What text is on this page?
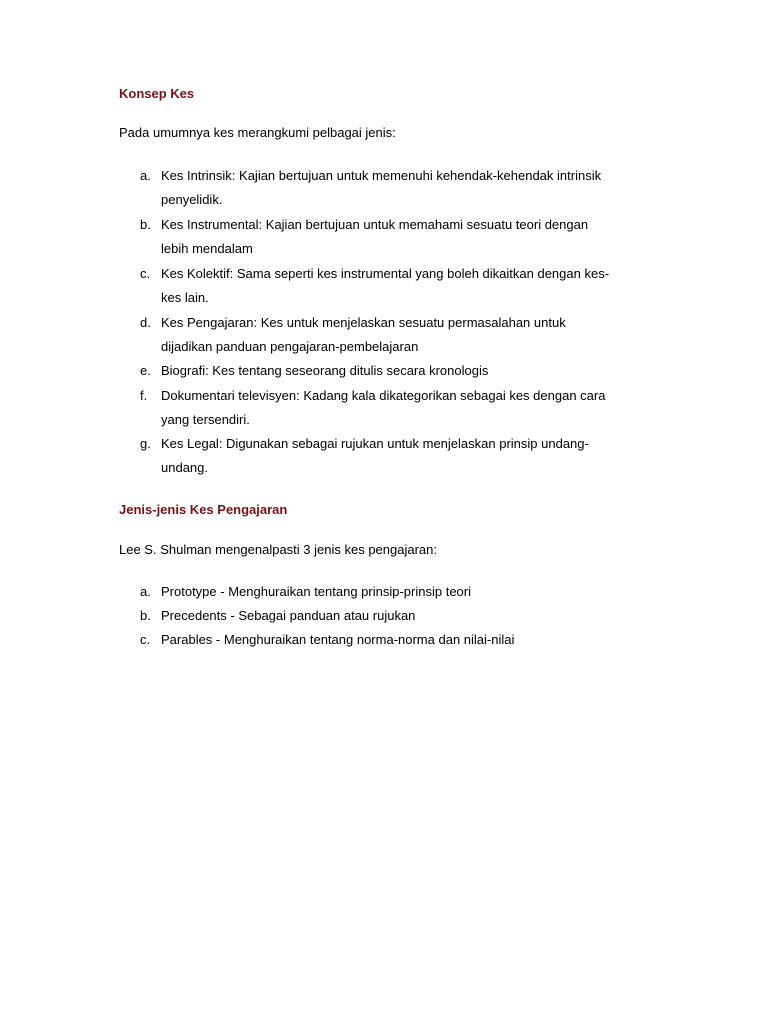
Konsep Kes

Pada umumnya kes merangkumi pelbagai jenis:

a. Kes Intrinsik: Kajian bertujuan untuk memenuhi kehendak-kehendak intrinsik
penyelidik.
b. Kes Instrumental: Kajian bertujuan untuk memahami sesuatu teori dengan
lebih mendalam
c. Kes Kolektif: Sama seperti kes instrumental yang boleh dikaitkan dengan kes-
kes lain.
d. Kes Pengajaran: Kes untuk menjelaskan sesuatu permasalahan untuk
dijadikan panduan pengajaran-pembelajaran
e. Biografi: Kes tentang seseorang ditulis secara kronologis
f. Dokumentari televisyen: Kadang kala dikategorikan sebagai kes dengan cara
yang tersendiri.
g. Kes Legal: Digunakan sebagai rujukan untuk menjelaskan prinsip undang-
undang.
Jenis-jenis Kes Pengajaran

Lee S. Shulman mengenalpasti 3 jenis kes pengajaran:

a. Prototype - Menghuraikan tentang prinsip-prinsip teori
b. Precedents - Sebagai panduan atau rujukan
c. Parables - Menghuraikan tentang norma-norma dan nilai-nilai
